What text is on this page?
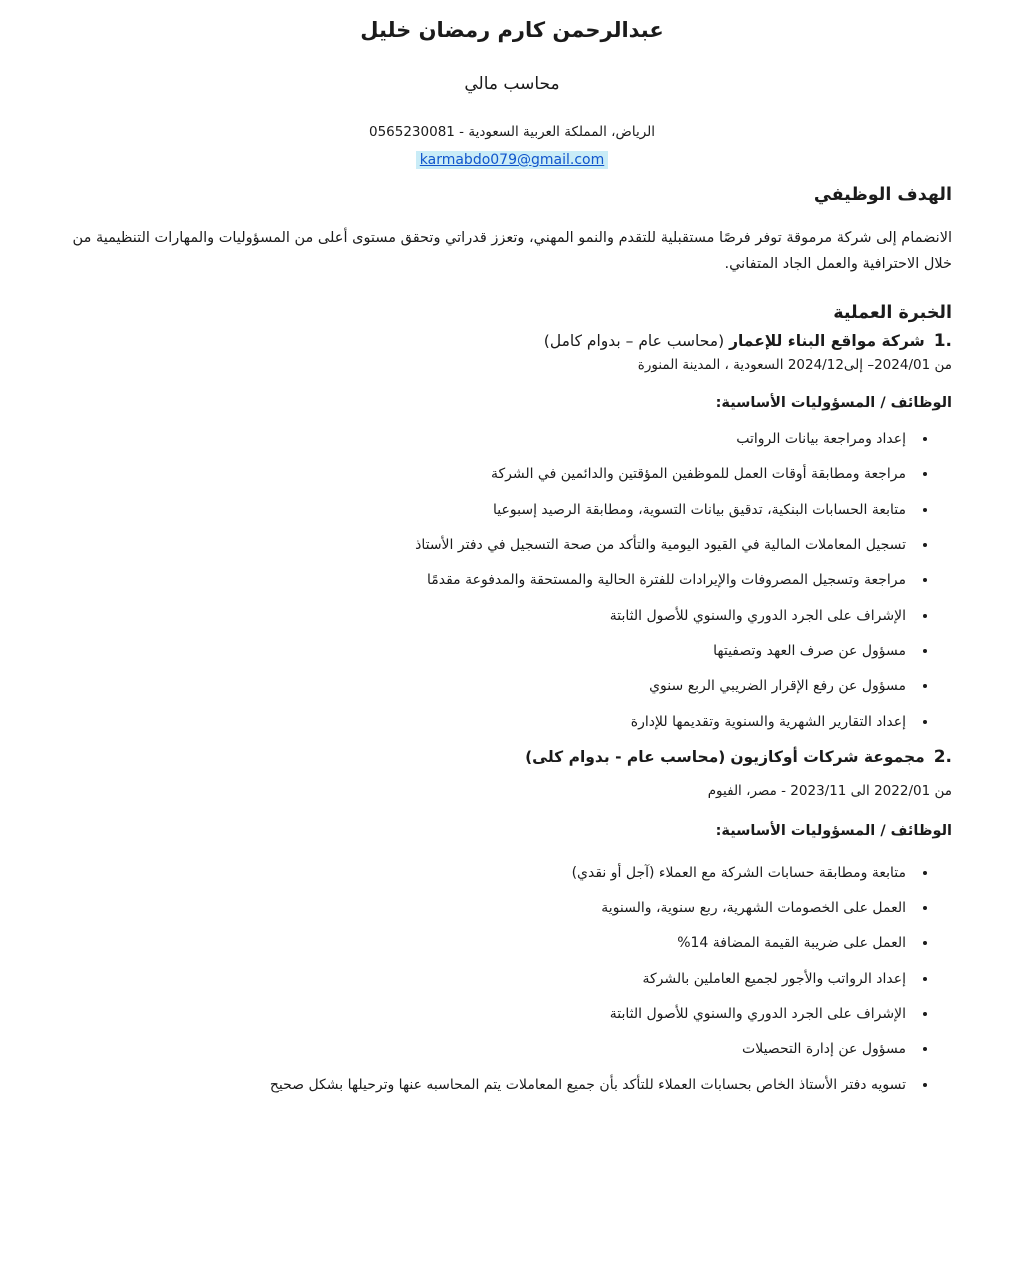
عبدالرحمن كارم رمضان خليل
محاسب مالي
0565230081 - الرياض، المملكة العربية السعودية
karmabdo079@gmail.com
الهدف الوظيفي

الانضمام إلى شركة مرموقة توفر فرصًا مستقبلية للتقدم والنمو المهني، وتعزز قدراتي وتحقق مستوى أعلى من المسؤوليات والمهارات التنظيمية من خلال الاحترافية والعمل الجاد المتفاني.

الخبرة العملية
1. شركة مواقع البناء للإعمار (محاسب عام – بدوام كامل)
من 2024/01– إلى2024/12 السعودية ، المدينة المنورة
الوظائف / المسؤوليات الأساسية:
• إعداد ومراجعة بيانات الرواتب
• مراجعة ومطابقة أوقات العمل للموظفين المؤقتين والدائمين في الشركة
• متابعة الحسابات البنكية، تدقيق بيانات التسوية، ومطابقة الرصيد إسبوعيا
• تسجيل المعاملات المالية في القيود اليومية والتأكد من صحة التسجيل في دفتر الأستاذ
• مراجعة وتسجيل المصروفات والإيرادات للفترة الحالية والمستحقة والمدفوعة مقدمًا
• الإشراف على الجرد الدوري والسنوي للأصول الثابتة
• مسؤول عن صرف العهد وتصفيتها
• مسؤول عن رفع الإقرار الضريبي الربع سنوي
• إعداد التقارير الشهرية والسنوية وتقديمها للإدارة
2. مجموعة شركات أوكازيون (محاسب عام - بدوام كلى)
من 2022/01 الى 2023/11 - مصر، الفيوم
الوظائف / المسؤوليات الأساسية:
• متابعة ومطابقة حسابات الشركة مع العملاء (آجل أو نقدي)
• العمل على الخصومات الشهرية، ربع سنوية، والسنوية
• العمل على ضريبة القيمة المضافة 14%
• إعداد الرواتب والأجور لجميع العاملين بالشركة
• الإشراف على الجرد الدوري والسنوي للأصول الثابتة
• مسؤول عن إدارة التحصيلات
• تسويه دفتر الأستاذ الخاص بحسابات العملاء للتأكد بأن جميع المعاملات يتم المحاسبه عنها وترحيلها بشكل صحيح
